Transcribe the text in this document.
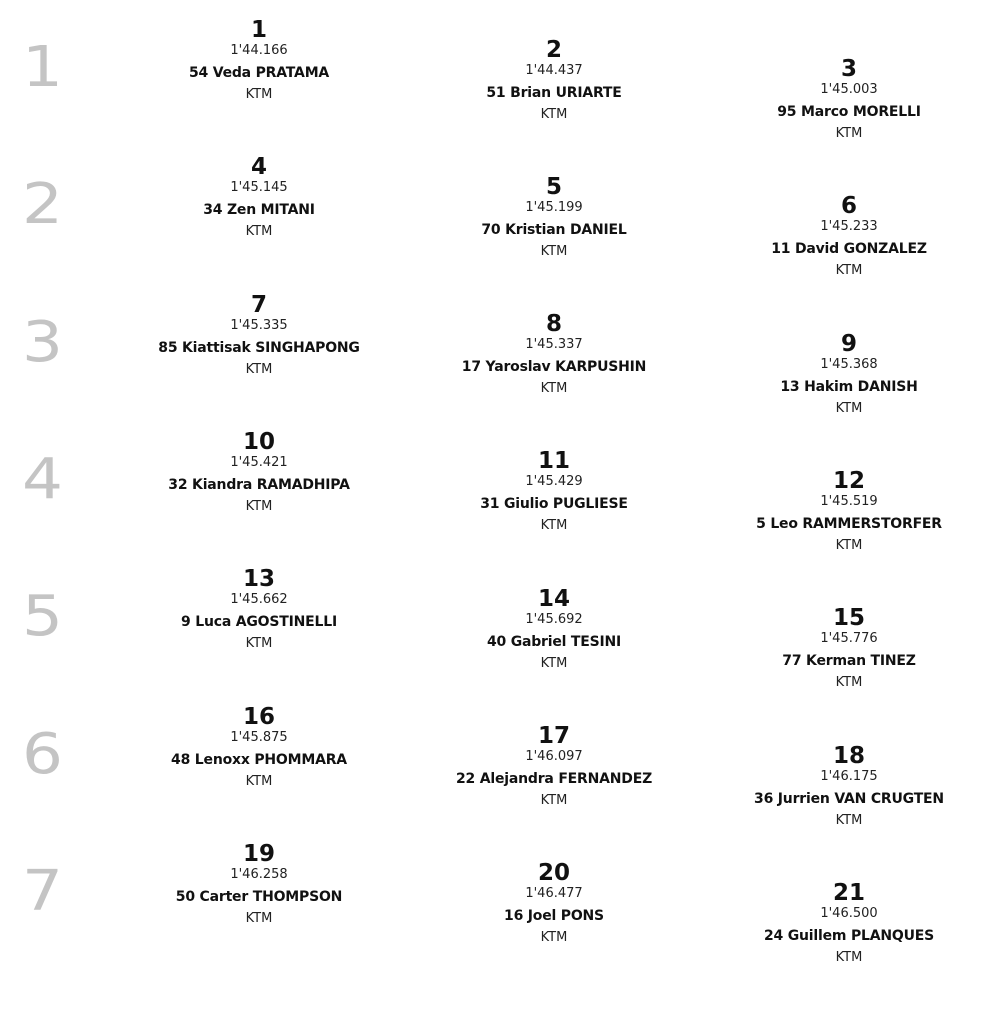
1
2
3
4
5
6
7
1
1'44.166
54 Veda PRATAMA
KTM
2
1'44.437
51 Brian URIARTE
KTM
3
1'45.003
95 Marco MORELLI
KTM
4
1'45.145
34 Zen MITANI
KTM
5
1'45.199
70 Kristian DANIEL
KTM
6
1'45.233
11 David GONZALEZ
KTM
7
1'45.335
85 Kiattisak SINGHAPONG
KTM
8
1'45.337
17 Yaroslav KARPUSHIN
KTM
9
1'45.368
13 Hakim DANISH
KTM
10
1'45.421
32 Kiandra RAMADHIPA
KTM
11
1'45.429
31 Giulio PUGLIESE
KTM
12
1'45.519
5 Leo RAMMERSTORFER
KTM
13
1'45.662
9 Luca AGOSTINELLI
KTM
14
1'45.692
40 Gabriel TESINI
KTM
15
1'45.776
77 Kerman TINEZ
KTM
16
1'45.875
48 Lenoxx PHOMMARA
KTM
17
1'46.097
22 Alejandra FERNANDEZ
KTM
18
1'46.175
36 Jurrien VAN CRUGTEN
KTM
19
1'46.258
50 Carter THOMPSON
KTM
20
1'46.477
16 Joel PONS
KTM
21
1'46.500
24 Guillem PLANQUES
KTM
